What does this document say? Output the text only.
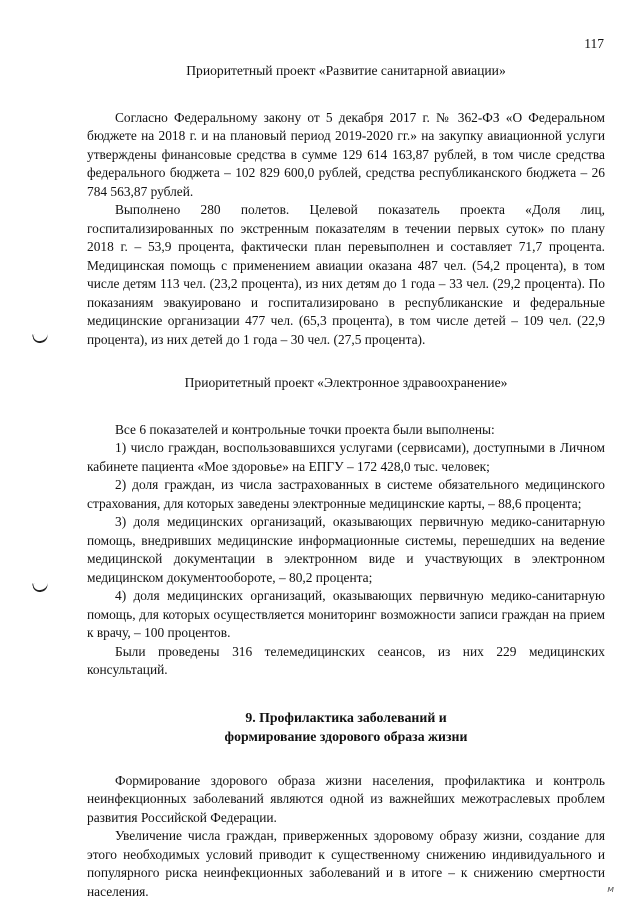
117
Приоритетный проект «Развитие санитарной авиации»

Согласно Федеральному закону от 5 декабря 2017 г. № 362-ФЗ «О Федеральном бюджете на 2018 г. и на плановый период 2019-2020 гг.» на закупку авиационной услуги утверждены финансовые средства в сумме 129 614 163,87 рублей, в том числе средства федерального бюджета – 102 829 600,0 рублей, средства республиканского бюджета – 26 784 563,87 рублей.

Выполнено 280 полетов. Целевой показатель проекта «Доля лиц, госпитализированных по экстренным показателям в течении первых суток» по плану 2018 г. – 53,9 процента, фактически план перевыполнен и составляет 71,7 процента. Медицинская помощь с применением авиации оказана 487 чел. (54,2 процента), в том числе детям 113 чел. (23,2 процента), из них детям до 1 года – 33 чел. (29,2 процента). По показаниям эвакуировано и госпитализировано в республиканские и федеральные медицинские организации 477 чел. (65,3 процента), в том числе детей – 109 чел. (22,9 процента), из них детей до 1 года – 30 чел. (27,5 процента).

Приоритетный проект «Электронное здравоохранение»

Все 6 показателей и контрольные точки проекта были выполнены:

1) число граждан, воспользовавшихся услугами (сервисами), доступными в Личном кабинете пациента «Мое здоровье» на ЕПГУ – 172 428,0 тыс. человек;

2) доля граждан, из числа застрахованных в системе обязательного медицинского страхования, для которых заведены электронные медицинские карты, – 88,6 процента;

3) доля медицинских организаций, оказывающих первичную медико-санитарную помощь, внедривших медицинские информационные системы, перешедших на ведение медицинской документации в электронном виде и участвующих в электронном медицинском документообороте, – 80,2 процента;

4) доля медицинских организаций, оказывающих первичную медико-санитарную помощь, для которых осуществляется мониторинг возможности записи граждан на прием к врачу, – 100 процентов.

Были проведены 316 телемедицинских сеансов, из них 229 медицинских консультаций.

9. Профилактика заболеваний и
формирование здорового образа жизни

Формирование здорового образа жизни населения, профилактика и контроль неинфекционных заболеваний являются одной из важнейших межотраслевых проблем развития Российской Федерации.

Увеличение числа граждан, приверженных здоровому образу жизни, создание для этого необходимых условий приводит к существенному снижению индивидуального и популярного риска неинфекционных заболеваний и в итоге – к снижению смертности населения.	ᴍ
